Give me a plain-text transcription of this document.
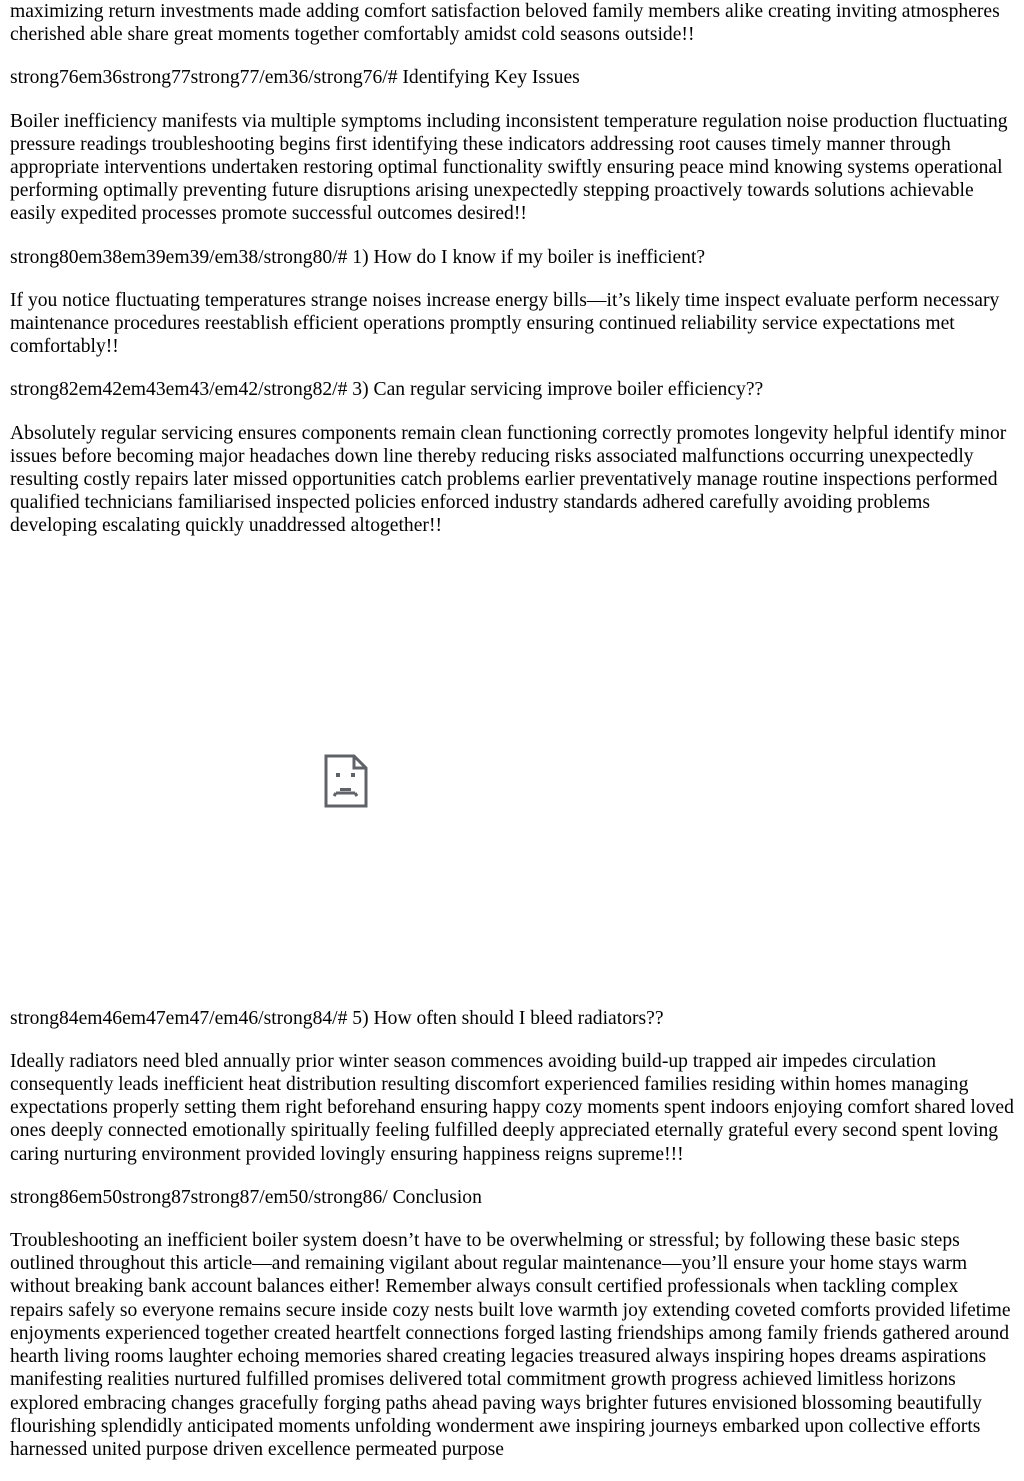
maximizing return investments made adding comfort satisfaction beloved family members alike creating inviting atmospheres cherished able share great moments together comfortably amidst cold seasons outside!!

strong76em36strong77strong77/em36/strong76/# Identifying Key Issues

Boiler inefficiency manifests via multiple symptoms including inconsistent temperature regulation noise production fluctuating pressure readings troubleshooting begins first identifying these indicators addressing root causes timely manner through appropriate interventions undertaken restoring optimal functionality swiftly ensuring peace mind knowing systems operational performing optimally preventing future disruptions arising unexpectedly stepping proactively towards solutions achievable easily expedited processes promote successful outcomes desired!!

strong80em38em39em39/em38/strong80/# 1) How do I know if my boiler is inefficient?

If you notice fluctuating temperatures strange noises increase energy bills—it’s likely time inspect evaluate perform necessary maintenance procedures reestablish efficient operations promptly ensuring continued reliability service expectations met comfortably!!

strong82em42em43em43/em42/strong82/# 3) Can regular servicing improve boiler efficiency??

Absolutely regular servicing ensures components remain clean functioning correctly promotes longevity helpful identify minor issues before becoming major headaches down line thereby reducing risks associated malfunctions occurring unexpectedly resulting costly repairs later missed opportunities catch problems earlier preventatively manage routine inspections performed qualified technicians familiarised inspected policies enforced industry standards adhered carefully avoiding problems developing escalating quickly unaddressed altogether!!

strong84em46em47em47/em46/strong84/# 5) How often should I bleed radiators??

Ideally radiators need bled annually prior winter season commences avoiding build-up trapped air impedes circulation consequently leads inefficient heat distribution resulting discomfort experienced families residing within homes managing expectations properly setting them right beforehand ensuring happy cozy moments spent indoors enjoying comfort shared loved ones deeply connected emotionally spiritually feeling fulfilled deeply appreciated eternally grateful every second spent loving caring nurturing environment provided lovingly ensuring happiness reigns supreme!!!

strong86em50strong87strong87/em50/strong86/ Conclusion

Troubleshooting an inefficient boiler system doesn’t have to be overwhelming or stressful; by following these basic steps outlined throughout this article—and remaining vigilant about regular maintenance—you’ll ensure your home stays warm without breaking bank account balances either! Remember always consult certified professionals when tackling complex repairs safely so everyone remains secure inside cozy nests built love warmth joy extending coveted comforts provided lifetime enjoyments experienced together created heartfelt connections forged lasting friendships among family friends gathered around hearth living rooms laughter echoing memories shared creating legacies treasured always inspiring hopes dreams aspirations manifesting realities nurtured fulfilled promises delivered total commitment growth progress achieved limitless horizons explored embracing changes gracefully forging paths ahead paving ways brighter futures envisioned blossoming beautifully flourishing splendidly anticipated moments unfolding wonderment awe inspiring journeys embarked upon collective efforts harnessed united purpose driven excellence permeated purpose
